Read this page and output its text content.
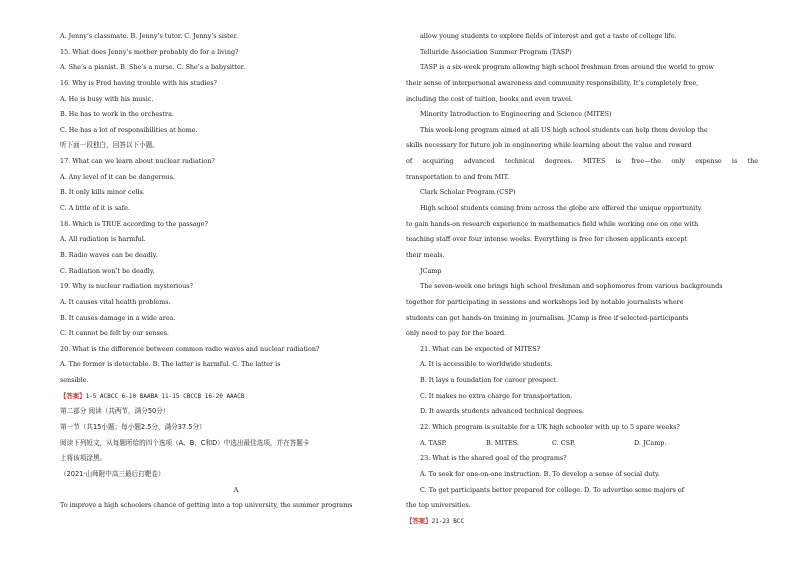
A. Jenny’s classmate. B. Jenny’s tutor. C. Jenny’s sister.
15. What does Jenny’s mother probably do for a living?
A. She’s a pianist. B. She’s a nurse. C. She’s a babysitter.
16. Why is Fred having trouble with his studies?
A. He is busy with his music.
B. He has to work in the orchestra.
C. He has a lot of responsibilities at home.
听下面一段独白，回答以下小题。
17. What can we learn about nuclear radiation?
A. Any level of it can be dangerous.
B. It only kills minor cells.
C. A little of it is safe.
18. Which is TRUE according to the passage?
A. All radiation is harmful.
B. Radio waves can be deadly.
C. Radiation won’t be deadly.
19. Why is nuclear radiation mysterious?
A. It causes vital health problems.
B. It causes damage in a wide area.
C. It cannot be felt by our senses.
20. What is the difference between common radio waves and nuclear radiation?
A. The former is detectable. B. The latter is harmful. C. The latter is
sensible.
【答案】1-5 ACBCC 6-10 BAABA 11-15 CBCCB 16-20 AAACB
第二部分 阅读（共两节，满分50分）
第一节（共15小题；每小题2.5分，满分37.5分）
阅读下列短文，从每题所给的四个选项（A、B、C和D）中选出最佳选项，并在答题卡
上将该项涂黑。
（2021·山师附中高三最后打靶卷）
A
To improve a high schoolers chance of getting into a top university, the summer programs
allow young students to explore fields of interest and get a taste of college life.
Telluride Association Summer Program (TASP)
TASP is a six-week program allowing high school freshman from around the world to grow
their sense of interpersonal awareness and community responsibility. It’s completely free,
including the cost of tuition, books and even travel.
Minority Introduction to Engineering and Science (MITES)
This week-long program aimed at all US high school students can help them develop the
skills necessary for future job in engineering while learning about the value and reward
of acquiring advanced technical degrees. MITES is free—the only expense is the
transportation to and from MIT.
Clark Scholar Program (CSP)
High school students coming from across the globe are offered the unique opportunity
to gain hands-on research experience in mathematics field while working one on one with
teaching staff over four intense weeks. Everything is free for chosen applicants except
their meals.
JCamp
The seven-week one brings high school freshman and sophomores from various backgrounds
together for participating in sessions and workshops led by notable journalists where
students can get hands-on training in journalism. JCamp is free if selected-participants
only need to pay for the board.
21. What can be expected of MITES?
A. It is accessible to worldwide students.
B. It lays a foundation for career prospect.
C. It makes no extra charge for transportation.
D. It awards students advanced technical degrees.
22. Which program is suitable for a UK high schooler with up to 5 spare weeks?
A. TASP.	B. MITES.	C. CSP.	D. JCamp.
23. What is the shared goal of the programs?
A. To seek for one-on-one instruction. B. To develop a sense of social duty.
C. To get participants better prepared for college. D. To advertise some majors of
the top universities.
【答案】21-23 BCC
